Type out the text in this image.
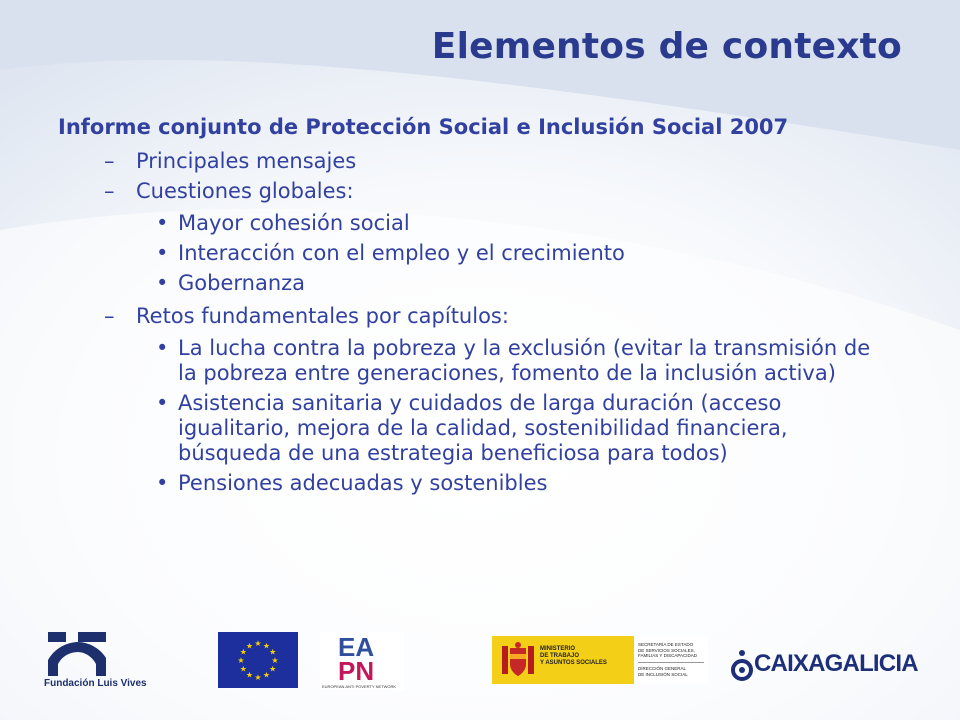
Elementos de contexto
Informe conjunto de Protección Social e Inclusión Social 2007
– Principales mensajes
– Cuestiones globales:
• Mayor cohesión social
• Interacción con el empleo y el crecimiento
• Gobernanza
– Retos fundamentales por capítulos:
• La lucha contra la pobreza y la exclusión (evitar la transmisión de la pobreza entre generaciones, fomento de la inclusión activa)
• Asistencia sanitaria y cuidados de larga duración (acceso igualitario, mejora de la calidad, sostenibilidad financiera, búsqueda de una estrategia beneficiosa para todos)
• Pensiones adecuadas y sostenibles
Fundación Luis Vives
★
★
★
★
★
★
★
★
★ ★ ★
★ EA
PN
EUROPEAN ANTI POVERTY NETWORK
MINISTERIO
DE TRABAJO
Y ASUNTOS SOCIALES
SECRETARÍA DE ESTADO
DE SERVICIOS SOCIALES,
FAMILIAS Y DISCAPACIDAD
DIRECCIÓN GENERAL
DE INCLUSIÓN SOCIAL	CAIXAGALICIA
